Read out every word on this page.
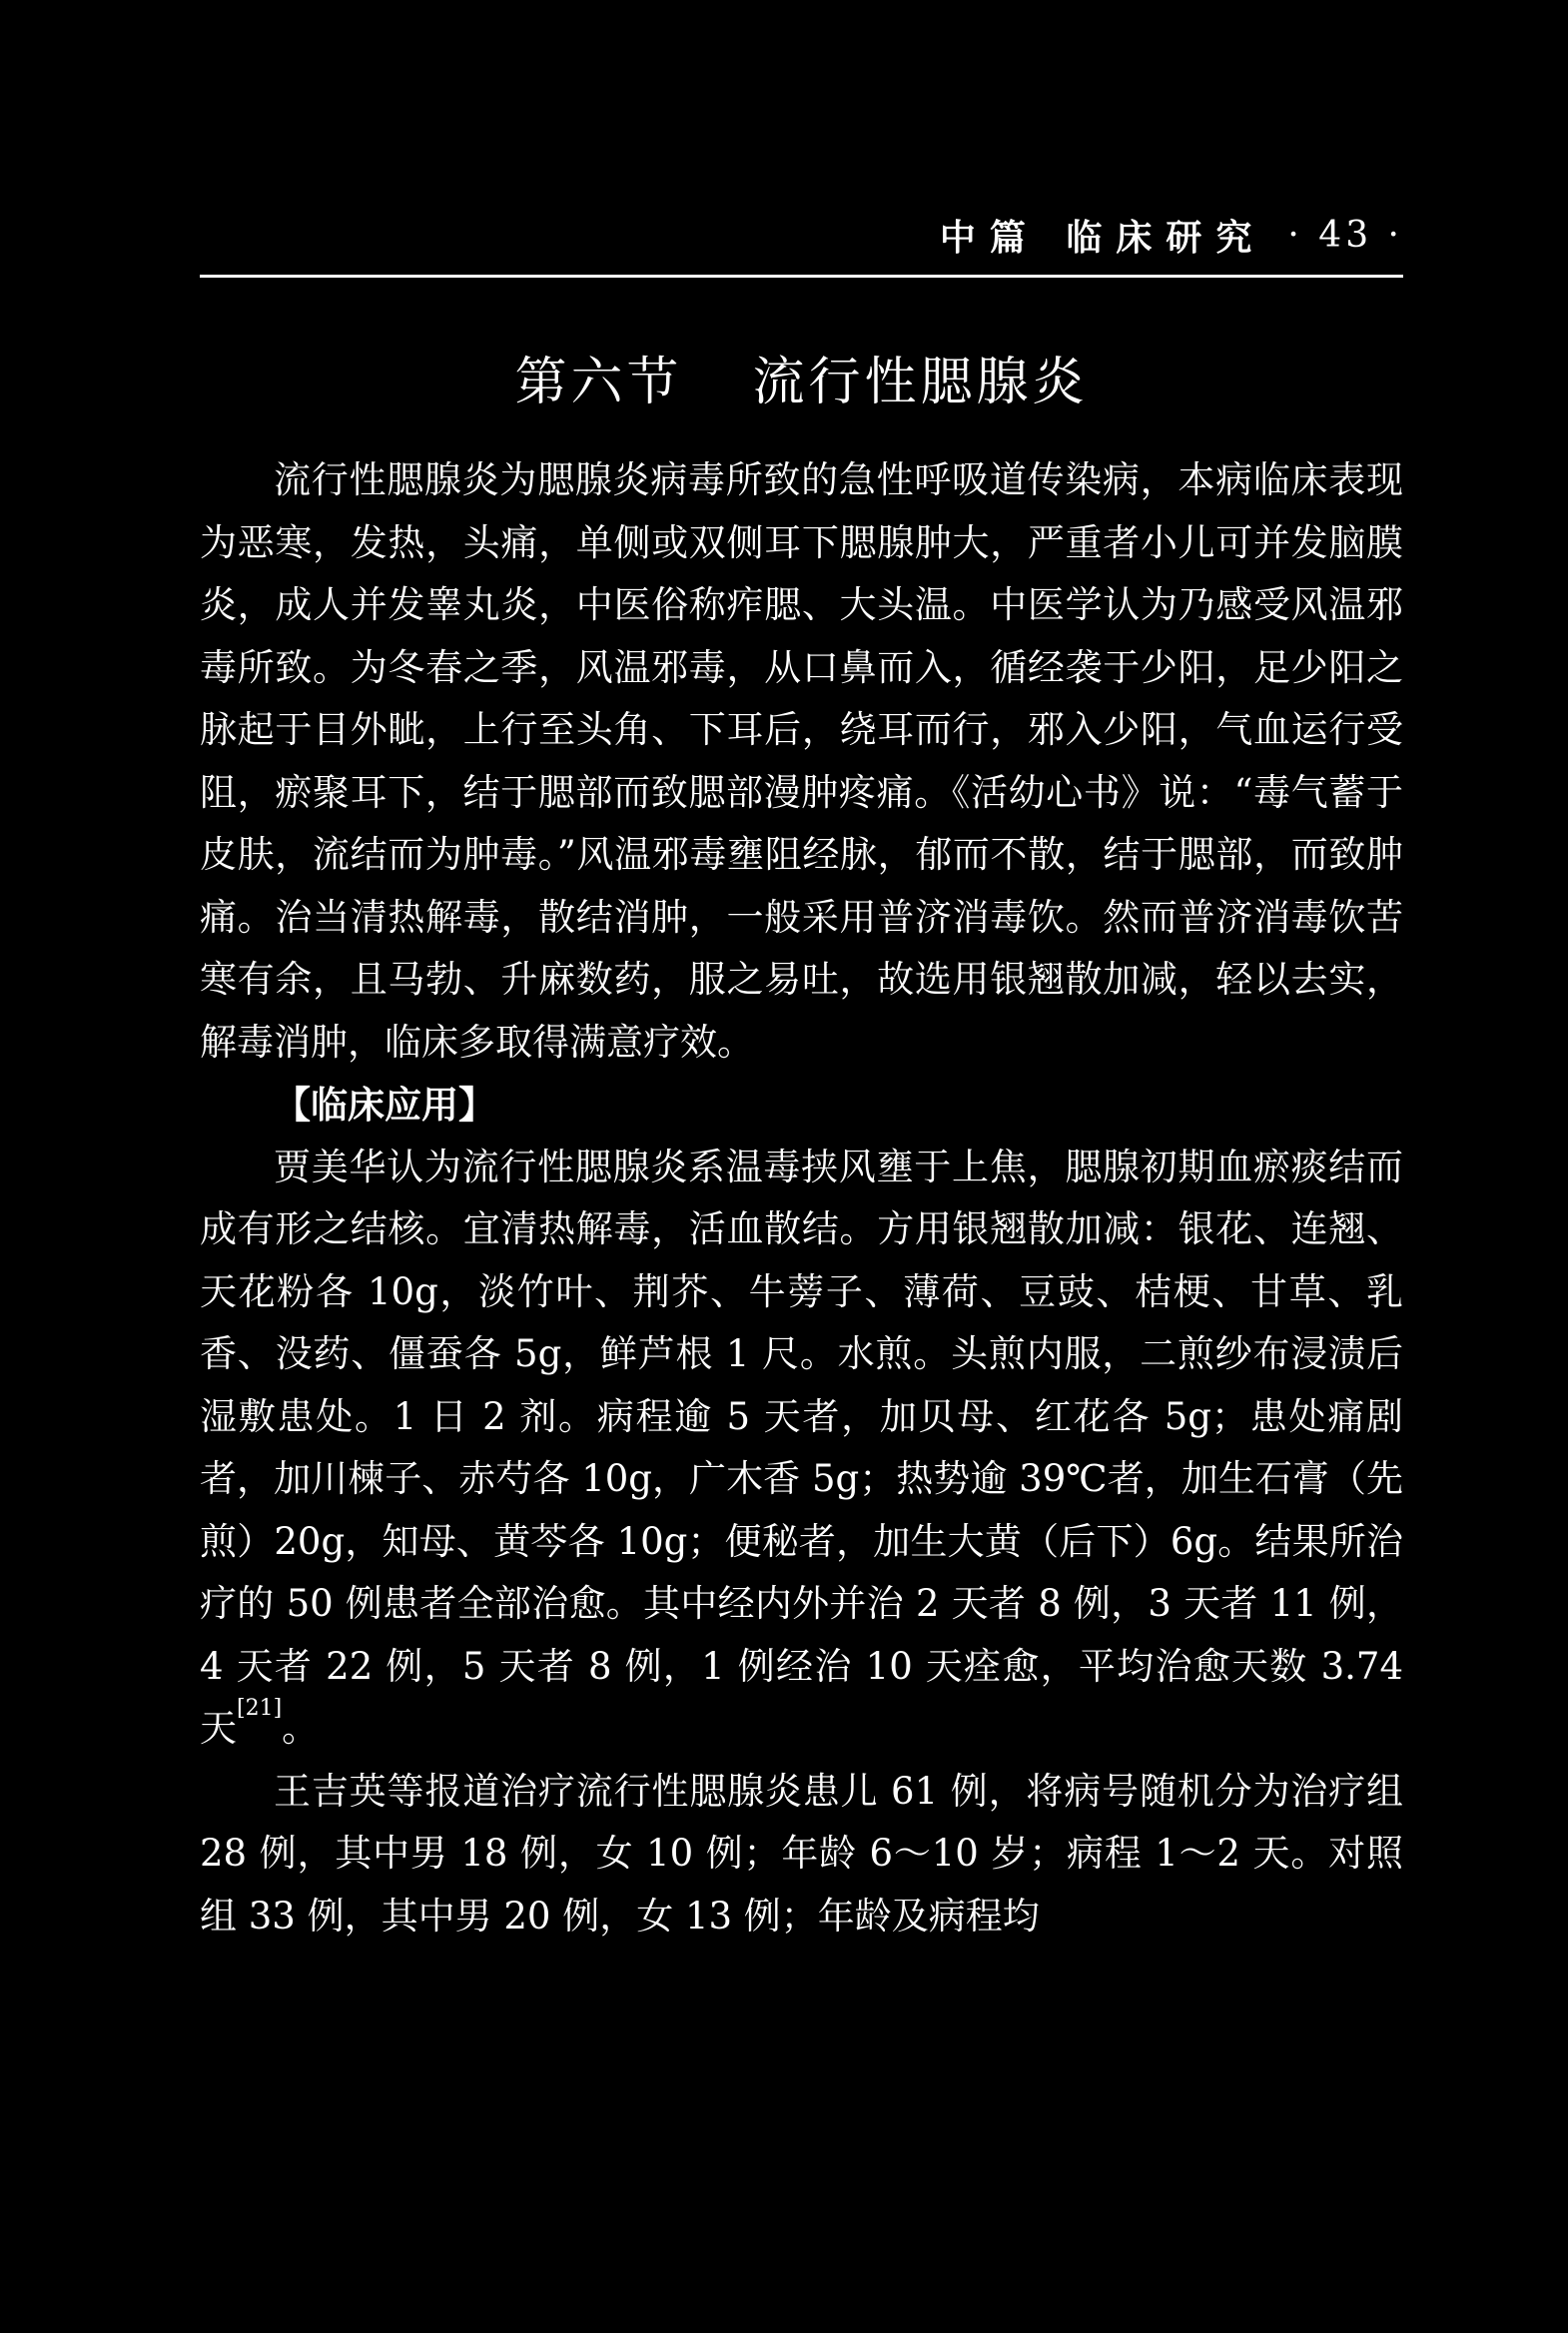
中篇 临床研究 · 43 ·
第六节 流行性腮腺炎

流行性腮腺炎为腮腺炎病毒所致的急性呼吸道传染病，本病临床表现为恶寒，发热，头痛，单侧或双侧耳下腮腺肿大，严重者小儿可并发脑膜炎，成人并发睾丸炎，中医俗称痄腮、大头温。中医学认为乃感受风温邪毒所致。为冬春之季，风温邪毒，从口鼻而入，循经袭于少阳，足少阳之脉起于目外眦，上行至头角、下耳后，绕耳而行，邪入少阳，气血运行受阻，瘀聚耳下，结于腮部而致腮部漫肿疼痛。《活幼心书》说：“毒气蓄于皮肤，流结而为肿毒。”风温邪毒壅阻经脉，郁而不散，结于腮部，而致肿痛。治当清热解毒，散结消肿，一般采用普济消毒饮。然而普济消毒饮苦寒有余，且马勃、升麻数药，服之易吐，故选用银翘散加减，轻以去实，解毒消肿，临床多取得满意疗效。

【临床应用】

贾美华认为流行性腮腺炎系温毒挟风壅于上焦，腮腺初期血瘀痰结而成有形之结核。宜清热解毒，活血散结。方用银翘散加减：银花、连翘、天花粉各 10g，淡竹叶、荆芥、牛蒡子、薄荷、豆豉、桔梗、甘草、乳香、没药、僵蚕各 5g，鲜芦根 1 尺。水煎。头煎内服，二煎纱布浸渍后湿敷患处。1 日 2 剂。病程逾 5 天者，加贝母、红花各 5g；患处痛剧者，加川楝子、赤芍各 10g，广木香 5g；热势逾 39℃者，加生石膏（先煎）20g，知母、黄芩各 10g；便秘者，加生大黄（后下）6g。结果所治疗的 50 例患者全部治愈。其中经内外并治 2 天者 8 例，3 天者 11 例，4 天者 22 例，5 天者 8 例，1 例经治 10 天痊愈，平均治愈天数 3.74 天[21]。

王吉英等报道治疗流行性腮腺炎患儿 61 例，将病号随机分为治疗组 28 例，其中男 18 例，女 10 例；年龄 6～10 岁；病程 1～2 天。对照组 33 例，其中男 20 例，女 13 例；年龄及病程均
